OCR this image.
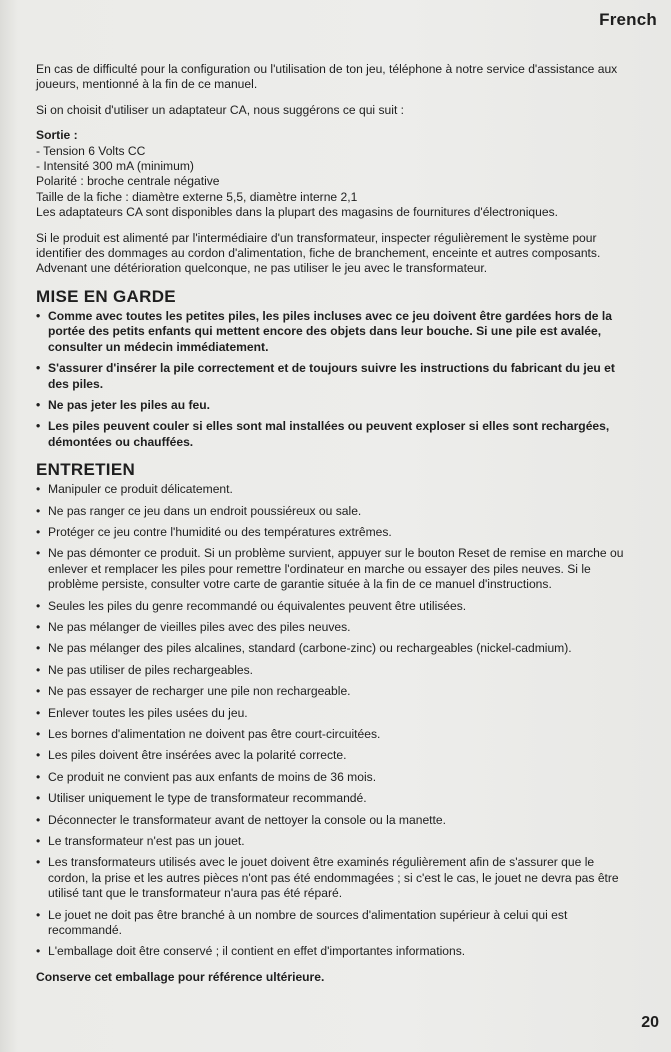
French

En cas de difficulté pour la configuration ou l'utilisation de ton jeu, téléphone à notre service d'assistance aux joueurs, mentionné à la fin de ce manuel.

Si on choisit d'utiliser un adaptateur CA, nous suggérons ce qui suit :

Sortie :
- Tension 6 Volts CC
- Intensité 300 mA (minimum)
Polarité : broche centrale négative
Taille de la fiche : diamètre externe 5,5, diamètre interne 2,1
Les adaptateurs CA sont disponibles dans la plupart des magasins de fournitures d'électroniques.

Si le produit est alimenté par l'intermédiaire d'un transformateur, inspecter régulièrement le système pour identifier des dommages au cordon d'alimentation, fiche de branchement, enceinte et autres composants. Advenant une détérioration quelconque, ne pas utiliser le jeu avec le transformateur.

MISE EN GARDE
• Comme avec toutes les petites piles, les piles incluses avec ce jeu doivent être gardées hors de la portée des petits enfants qui mettent encore des objets dans leur bouche. Si une pile est avalée, consulter un médecin immédiatement.
• S'assurer d'insérer la pile correctement et de toujours suivre les instructions du fabricant du jeu et des piles.
• Ne pas jeter les piles au feu.
• Les piles peuvent couler si elles sont mal installées ou peuvent exploser si elles sont rechargées, démontées ou chauffées.
ENTRETIEN
• Manipuler ce produit délicatement.
• Ne pas ranger ce jeu dans un endroit poussiéreux ou sale.
• Protéger ce jeu contre l'humidité ou des températures extrêmes.
• Ne pas démonter ce produit. Si un problème survient, appuyer sur le bouton Reset de remise en marche ou enlever et remplacer les piles pour remettre l'ordinateur en marche ou essayer des piles neuves. Si le problème persiste, consulter votre carte de garantie située à la fin de ce manuel d'instructions.
• Seules les piles du genre recommandé ou équivalentes peuvent être utilisées.
• Ne pas mélanger de vieilles piles avec des piles neuves.
• Ne pas mélanger des piles alcalines, standard (carbone-zinc) ou rechargeables (nickel-cadmium).
• Ne pas utiliser de piles rechargeables.
• Ne pas essayer de recharger une pile non rechargeable.
• Enlever toutes les piles usées du jeu.
• Les bornes d'alimentation ne doivent pas être court-circuitées.
• Les piles doivent être insérées avec la polarité correcte.
• Ce produit ne convient pas aux enfants de moins de 36 mois.
• Utiliser uniquement le type de transformateur recommandé.
• Déconnecter le transformateur avant de nettoyer la console ou la manette.
• Le transformateur n'est pas un jouet.
• Les transformateurs utilisés avec le jouet doivent être examinés régulièrement afin de s'assurer que le cordon, la prise et les autres pièces n'ont pas été endommagées ; si c'est le cas, le jouet ne devra pas être utilisé tant que le transformateur n'aura pas été réparé.
• Le jouet ne doit pas être branché à un nombre de sources d'alimentation supérieur à celui qui est recommandé.
• L'emballage doit être conservé ; il contient en effet d'importantes informations.
Conserve cet emballage pour référence ultérieure.
20
